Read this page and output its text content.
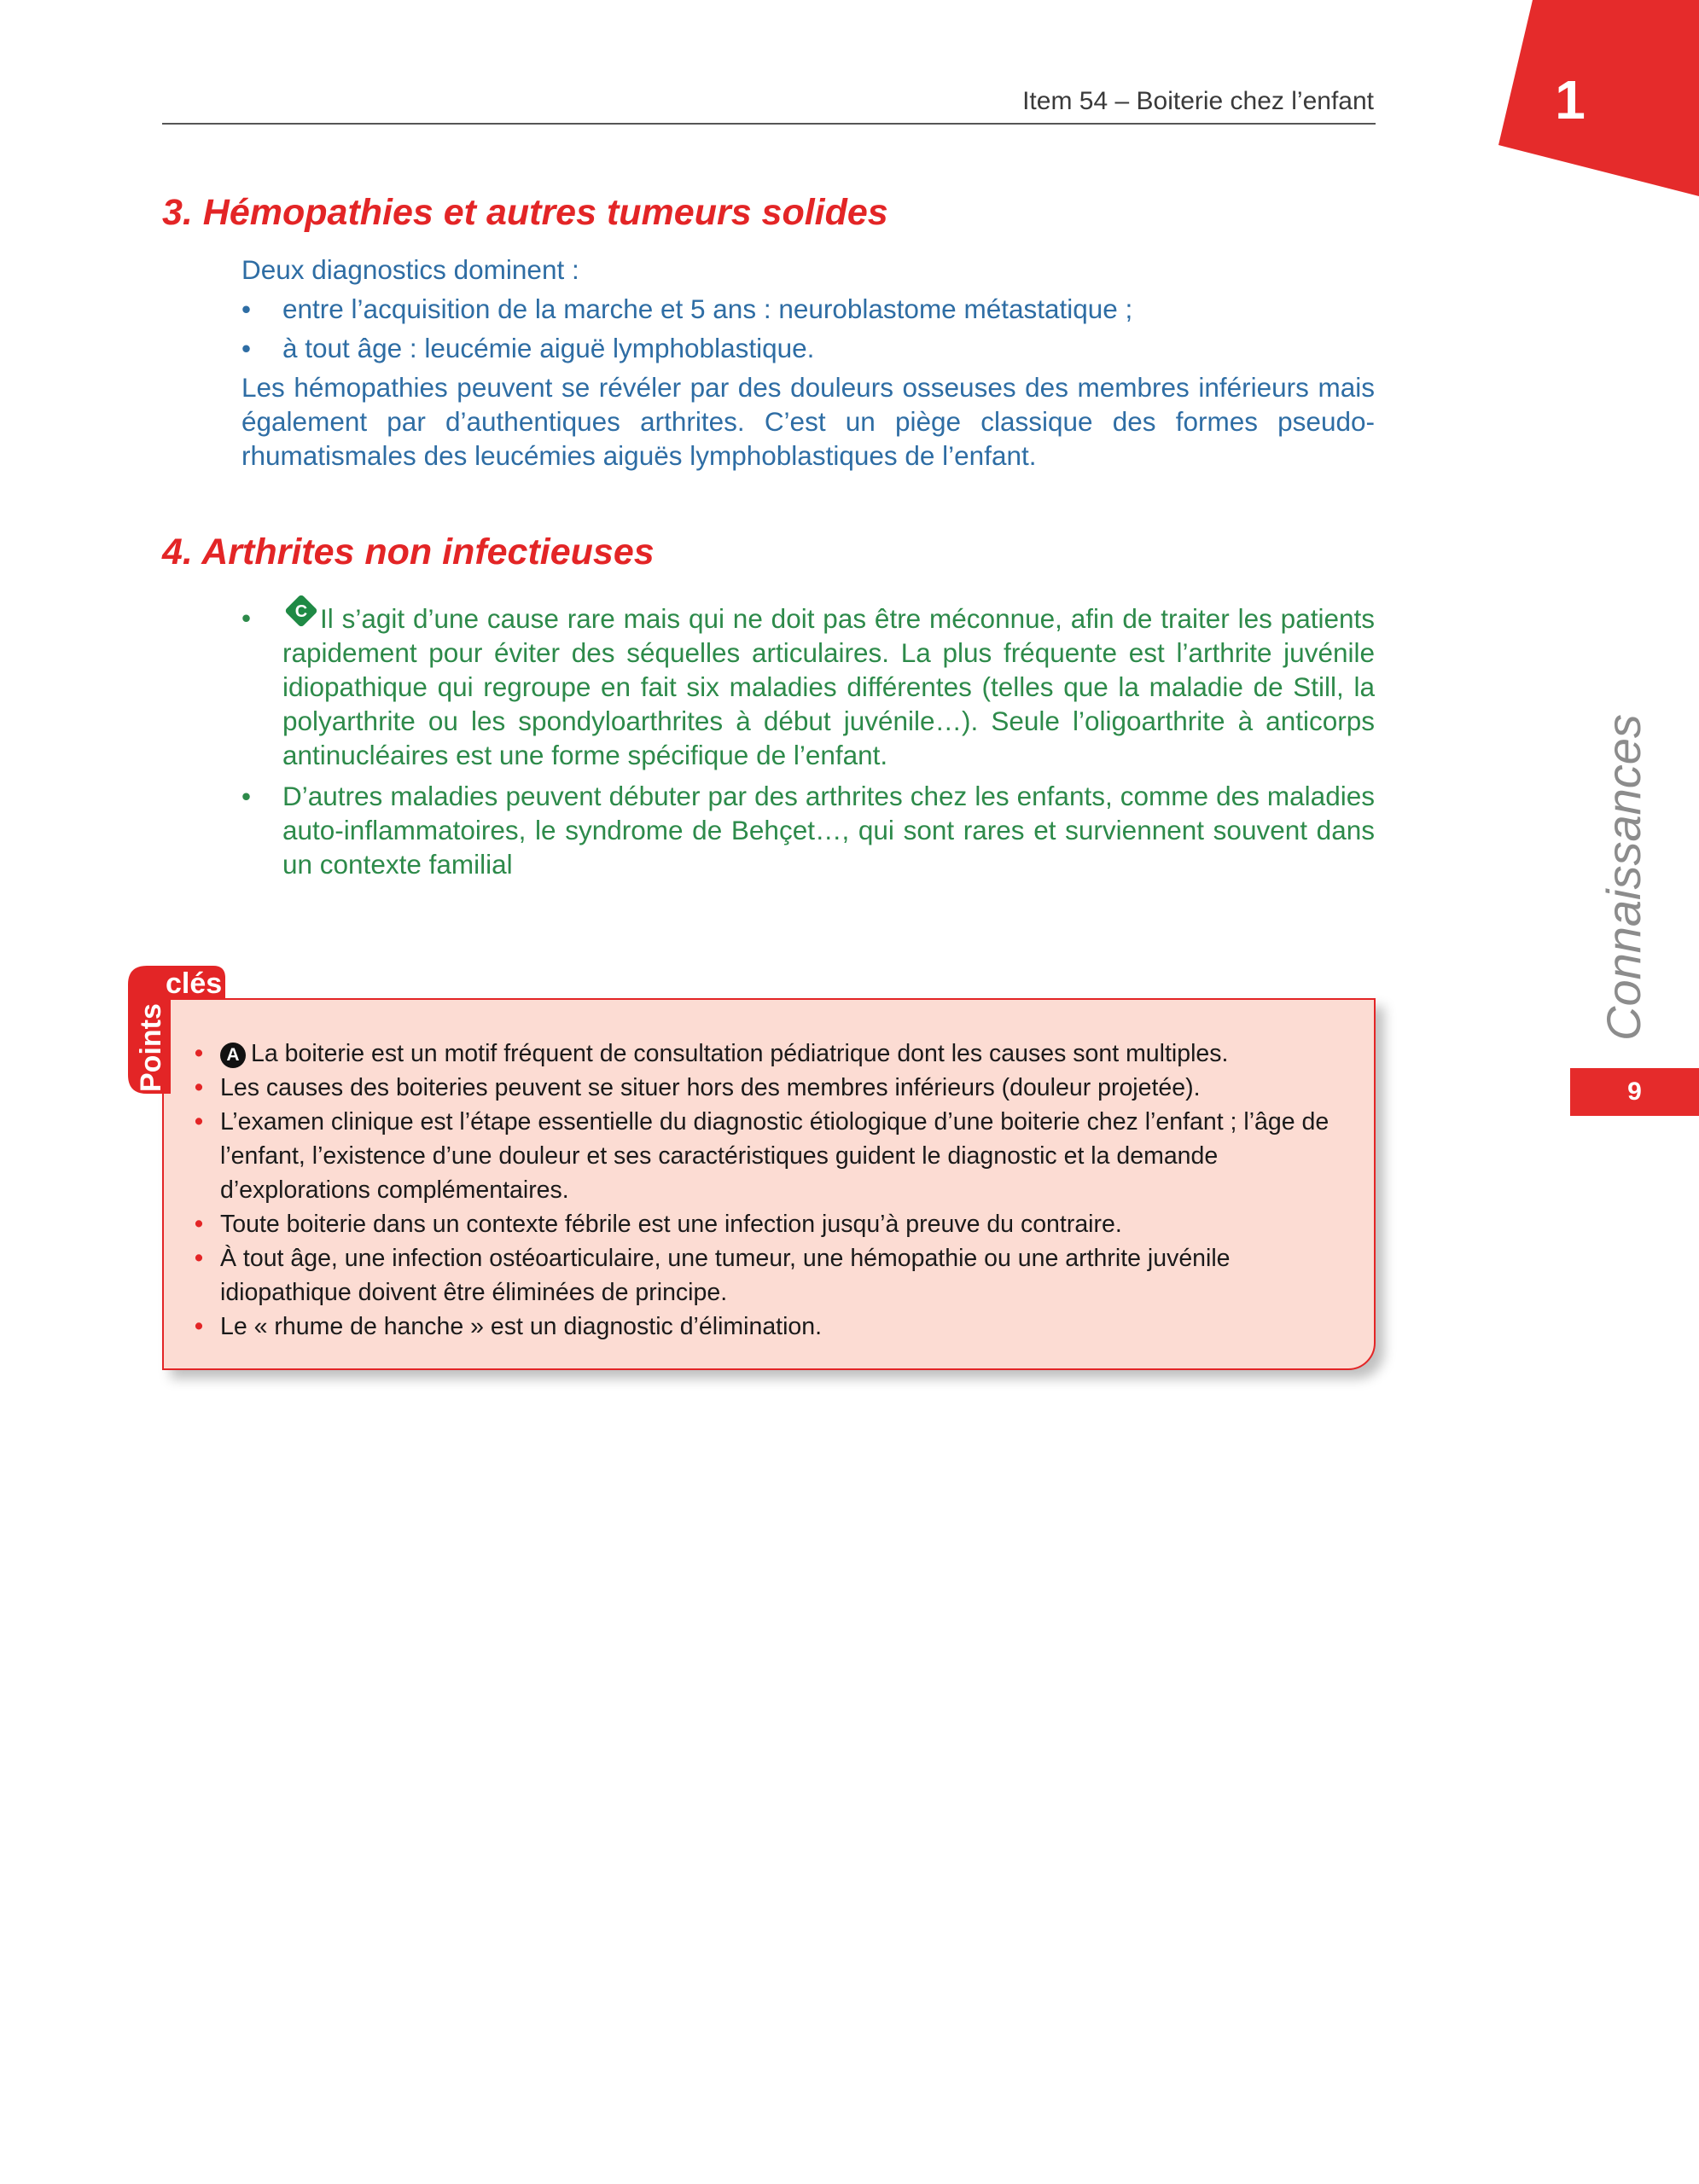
Item 54 – Boiterie chez l’enfant	1
Connaissances
9
3. Hémopathies et autres tumeurs solides

Deux diagnostics dominent :

• entre l’acquisition de la marche et 5 ans : neuroblastome métastatique ;
• à tout âge : leucémie aiguë lymphoblastique.

Les hémopathies peuvent se révéler par des douleurs osseuses des membres inférieurs mais également par d’authentiques arthrites. C’est un piège classique des formes pseudo-rhumatismales des leucémies aiguës lymphoblastiques de l’enfant.

4. Arthrites non infectieuses
• C Il s’agit d’une cause rare mais qui ne doit pas être méconnue, afin de traiter les patients rapidement pour éviter des séquelles articulaires. La plus fréquente est l’arthrite juvénile idiopathique qui regroupe en fait six maladies différentes (telles que la maladie de Still, la polyarthrite ou les spondyloarthrites à début juvénile…). Seule l’oligoarthrite à anticorps antinucléaires est une forme spécifique de l’enfant.
• D’autres maladies peuvent débuter par des arthrites chez les enfants, comme des maladies auto-inflammatoires, le syndrome de Behçet…, qui sont rares et surviennent souvent dans un contexte familial
Points
clés
• A La boiterie est un motif fréquent de consultation pédiatrique dont les causes sont multiples.
• Les causes des boiteries peuvent se situer hors des membres inférieurs (douleur projetée).
• L’examen clinique est l’étape essentielle du diagnostic étiologique d’une boiterie chez l’enfant ; l’âge de l’enfant, l’existence d’une douleur et ses caractéristiques guident le diagnostic et la demande d’explorations complémentaires.
• Toute boiterie dans un contexte fébrile est une infection jusqu’à preuve du contraire.
• À tout âge, une infection ostéoarticulaire, une tumeur, une hémopathie ou une arthrite juvénile idiopathique doivent être éliminées de principe.
• Le « rhume de hanche » est un diagnostic d’élimination.
